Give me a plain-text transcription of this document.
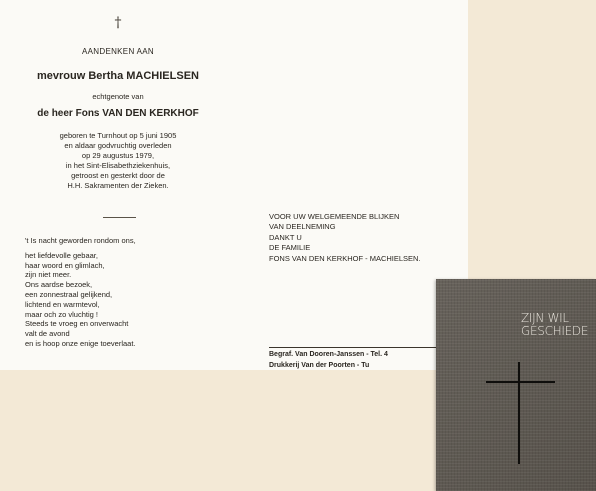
†
AANDENKEN AAN
mevrouw Bertha MACHIELSEN
echtgenote van
de heer Fons VAN DEN KERKHOF
geboren te Turnhout op 5 juni 1905
en aldaar godvruchtig overleden
op 29 augustus 1979,
in het Sint-Elisabethziekenhuis,
getroost en gesterkt door de
H.H. Sakramenten der Zieken.
't Is nacht geworden rondom ons,
het liefdevolle gebaar,
haar woord en glimlach,
zijn niet meer.
Ons aardse bezoek,
een zonnestraal gelijkend,
lichtend en warmtevol,
maar och zo vluchtig !
Steeds te vroeg en onverwacht
valt de avond
en is hoop onze enige toeverlaat.
VOOR UW WELGEMEENDE BLIJKEN
VAN DEELNEMING
DANKT U
DE FAMILIE
FONS VAN DEN KERKHOF - MACHIELSEN.
Begraf. Van Dooren-Janssen - Tel. 4
Drukkerij Van der Poorten - Tu
ZIJN WIL
GESCHIEDE
